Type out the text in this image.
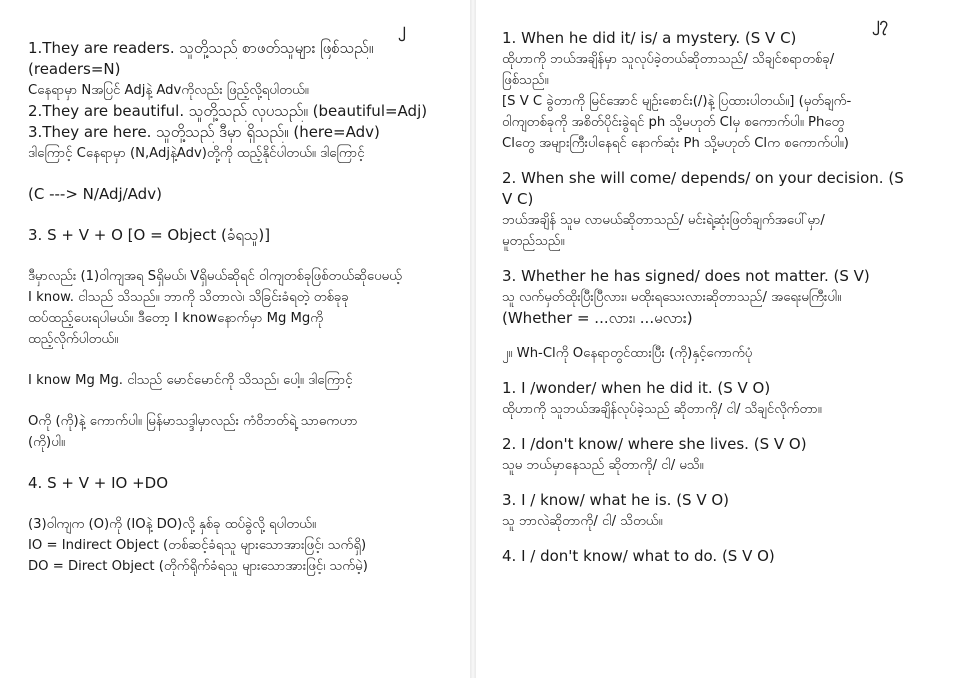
၂
1.They are readers. သူတို့သည် စာဖတ်သူများ ဖြစ်သည်။
(readers=N)
Cနေရာမှာ Nအပြင် Adjနဲ့ Advကိုလည်း ဖြည့်လို့ရပါတယ်။
2.They are beautiful. သူတို့သည် လှပသည်။ (beautiful=Adj)
3.They are here. သူတို့သည် ဒီမှာ ရှိသည်။ (here=Adv)
ဒါကြောင့် Cနေရာမှာ (N,Adjနဲ့Adv)တို့ကို ထည့်နိုင်ပါတယ်။ ဒါကြောင့်
(C ---> N/Adj/Adv)
3. S + V + O [O = Object (ခံရသူ)]
ဒီမှာလည်း (1)ဝါကျအရ Sရှိမယ်၊ Vရှိမယ်ဆိုရင် ဝါကျတစ်ခုဖြစ်တယ်ဆိုပေမယ့်
I know. ငါသည် သိသည်။ ဘာကို သိတာလဲ၊ သိခြင်းခံရတဲ့ တစ်ခုခု
ထပ်ထည့်ပေးရပါမယ်။ ဒီတော့ I knowနောက်မှာ Mg Mgကို
ထည့်လိုက်ပါတယ်။
I know Mg Mg. ငါသည် မောင်မောင်ကို သိသည်၊ ပေါ့။ ဒါကြောင့်
Oကို (ကို)နဲ့ ကောက်ပါ။ မြန်မာသဒ္ဒါမှာလည်း ကံဝိဘတ်ရဲ့ သာဓကဟာ
(ကို)ပါ။
4. S + V + IO +DO
(3)ဝါကျက (O)ကို (IOနဲ့ DO)လို့ နှစ်ခု ထပ်ခွဲလို့ ရပါတယ်။
IO = Indirect Object (တစ်ဆင့်ခံရသူ များသောအားဖြင့်၊ သက်ရှိ)
DO = Direct Object (တိုက်ရိုက်ခံရသူ များသောအားဖြင့်၊ သက်မဲ့)
၂၇
1. When he did it/ is/ a mystery. (S V C)
ထိုဟာကို ဘယ်အချိန်မှာ သူလုပ်ခဲ့တယ်ဆိုတာသည်/ သိချင်စရာတစ်ခု/
ဖြစ်သည်။
[S V C ခွဲတာကို မြင်အောင် မျဉ်းစောင်း(/)နဲ့ ပြထားပါတယ်။] (မှတ်ချက်-
ဝါကျတစ်ခုကို အစိတ်ပိုင်းခွဲရင် ph သို့မဟုတ် Clမှ စကောက်ပါ။ Phတွေ
Clတွေ အများကြီးပါနေရင် နောက်ဆုံး Ph သို့မဟုတ် Clက စကောက်ပါ။)
2. When she will come/ depends/ on your decision. (S
V C)
ဘယ်အချိန် သူမ လာမယ်ဆိုတာသည်/ မင်းရဲ့ဆုံးဖြတ်ချက်အပေါ်မှာ/
မူတည်သည်။
3. Whether he has signed/ does not matter. (S V)
သူ လက်မှတ်ထိုးပြီးပြီလား၊ မထိုးရသေးလားဆိုတာသည်/ အရေးမကြီးပါ။
(Whether = ...လား၊ ...မလား)
၂။ Wh-Clကို Oနေရာတွင်ထားပြီး (ကို)နှင့်ကောက်ပုံ
1. I /wonder/ when he did it. (S V O)
ထိုဟာကို သူဘယ်အချိန်လုပ်ခဲ့သည် ဆိုတာကို/ ငါ/ သိချင်လိုက်တာ။
2. I /don't know/ where she lives. (S V O)
သူမ ဘယ်မှာနေသည် ဆိုတာကို/ ငါ/ မသိ။
3. I / know/ what he is. (S V O)
သူ ဘာလဲဆိုတာကို/ ငါ/ သိတယ်။
4. I / don't know/ what to do. (S V O)
